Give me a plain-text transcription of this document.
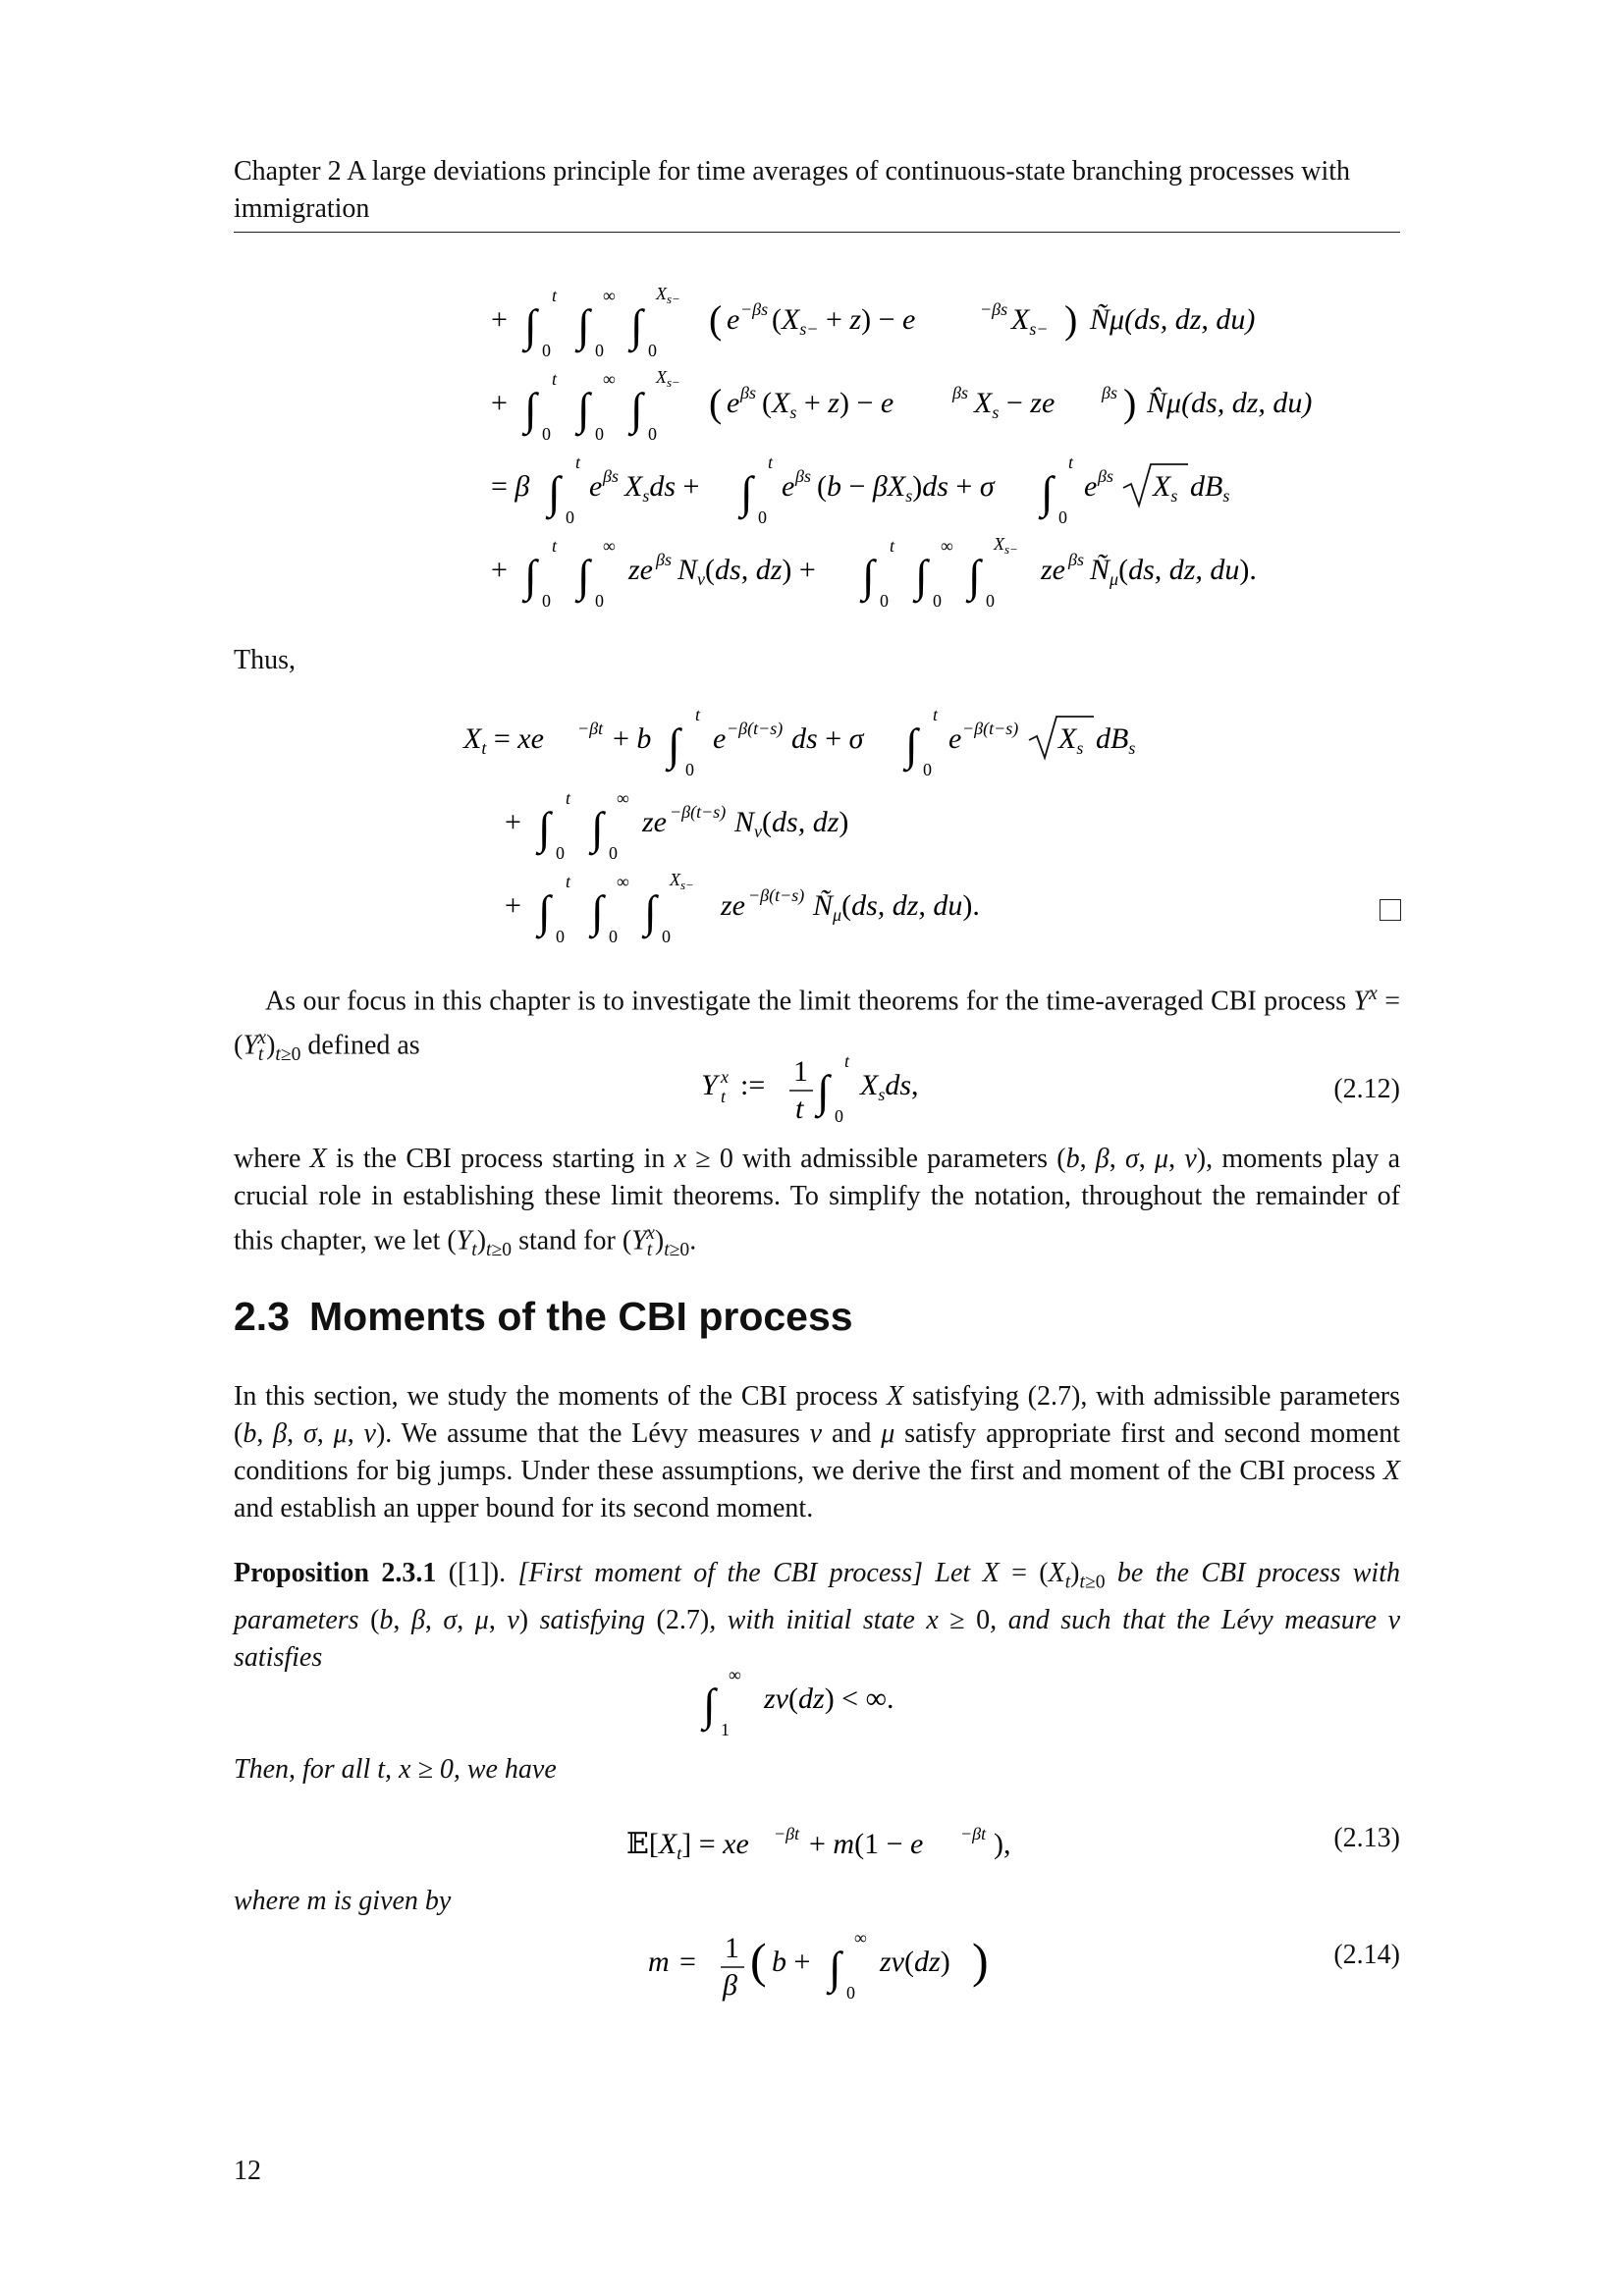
Chapter 2 A large deviations principle for time averages of continuous-state branching processes with immigration
+ ∫
t
0 ∫
∞
0 ∫
$X_{s-}$
0
( e −βs $(X_{s-} + z) - e$	−βs $X_{s-}$ ) Ñμ(ds, dz, du)
+ ∫
t
0 ∫
∞
0 ∫
$X_{s-}$
0
( e βs $(X_s + z) - e$	βs $X_s$ − ze	βs ) N̂μ(ds, dz, du)
= β ∫
t
0
e βs $X_sds$ + ∫
t
0
e βs $(b - \beta X_s)ds + \sigma$ ∫
t
0
e βs $X_s$ $dB_s$
+ ∫
t
0 ∫
∞
0
ze βs $N_\nu(ds$, dz) + ∫
t
0 ∫
∞
0 ∫
$X_{s-}$
0
ze βs $Ñ_\mu(ds$, dz, du).
Thus,
$X_t$ = xe −βt + b ∫
t
0
e −β(t−s) ds + σ ∫
t
0
e −β(t−s) $X_s$ $dB_s$
+ ∫
t
0 ∫
∞
0
ze −β(t−s) $N_\nu(ds$, dz)
+ ∫
t
0 ∫
∞
0 ∫
$X_{s-}$
0
ze −β(t−s) $Ñ_\mu(ds$, dz, du).

As our focus in this chapter is to investigate the limit theorems for the time-averaged CBI process $Y^x = (Y_t^x)_{t\ge 0}$ defined as

Y t
x := 1
t ∫
t
0
$X_sds$,	(2.12)

where X is the CBI process starting in x ≥ 0 with admissible parameters (b, β, σ, μ, ν), moments play a crucial role in establishing these limit theorems. To simplify the notation, throughout the remainder of this chapter, we let $(Y_t)_{t\ge 0}$ stand for $(Y_t^x)_{t\ge 0}$.

2.3 Moments of the CBI process

In this section, we study the moments of the CBI process X satisfying (2.7), with admissible parameters (b, β, σ, μ, ν). We assume that the Lévy measures ν and μ satisfy appropriate first and second moment conditions for big jumps. Under these assumptions, we derive the first and moment of the CBI process X and establish an upper bound for its second moment.

Proposition 2.3.1 ([1]). [First moment of the CBI process] Let $X = (X_t)_{t\ge 0}$ be the CBI process with parameters (b, β, σ, μ, ν) satisfying (2.7), with initial state x ≥ 0, and such that the Lévy measure ν satisfies

∫
∞
1
zν(dz) < ∞.

Then, for all t, x ≥ 0, we have

$𝔼[X_t]$ = xe −βt + m(1 − e −βt ),	(2.13)

where m is given by

m = 1
β ( b + ∫
∞
0
zν(dz) )	(2.14)
12
